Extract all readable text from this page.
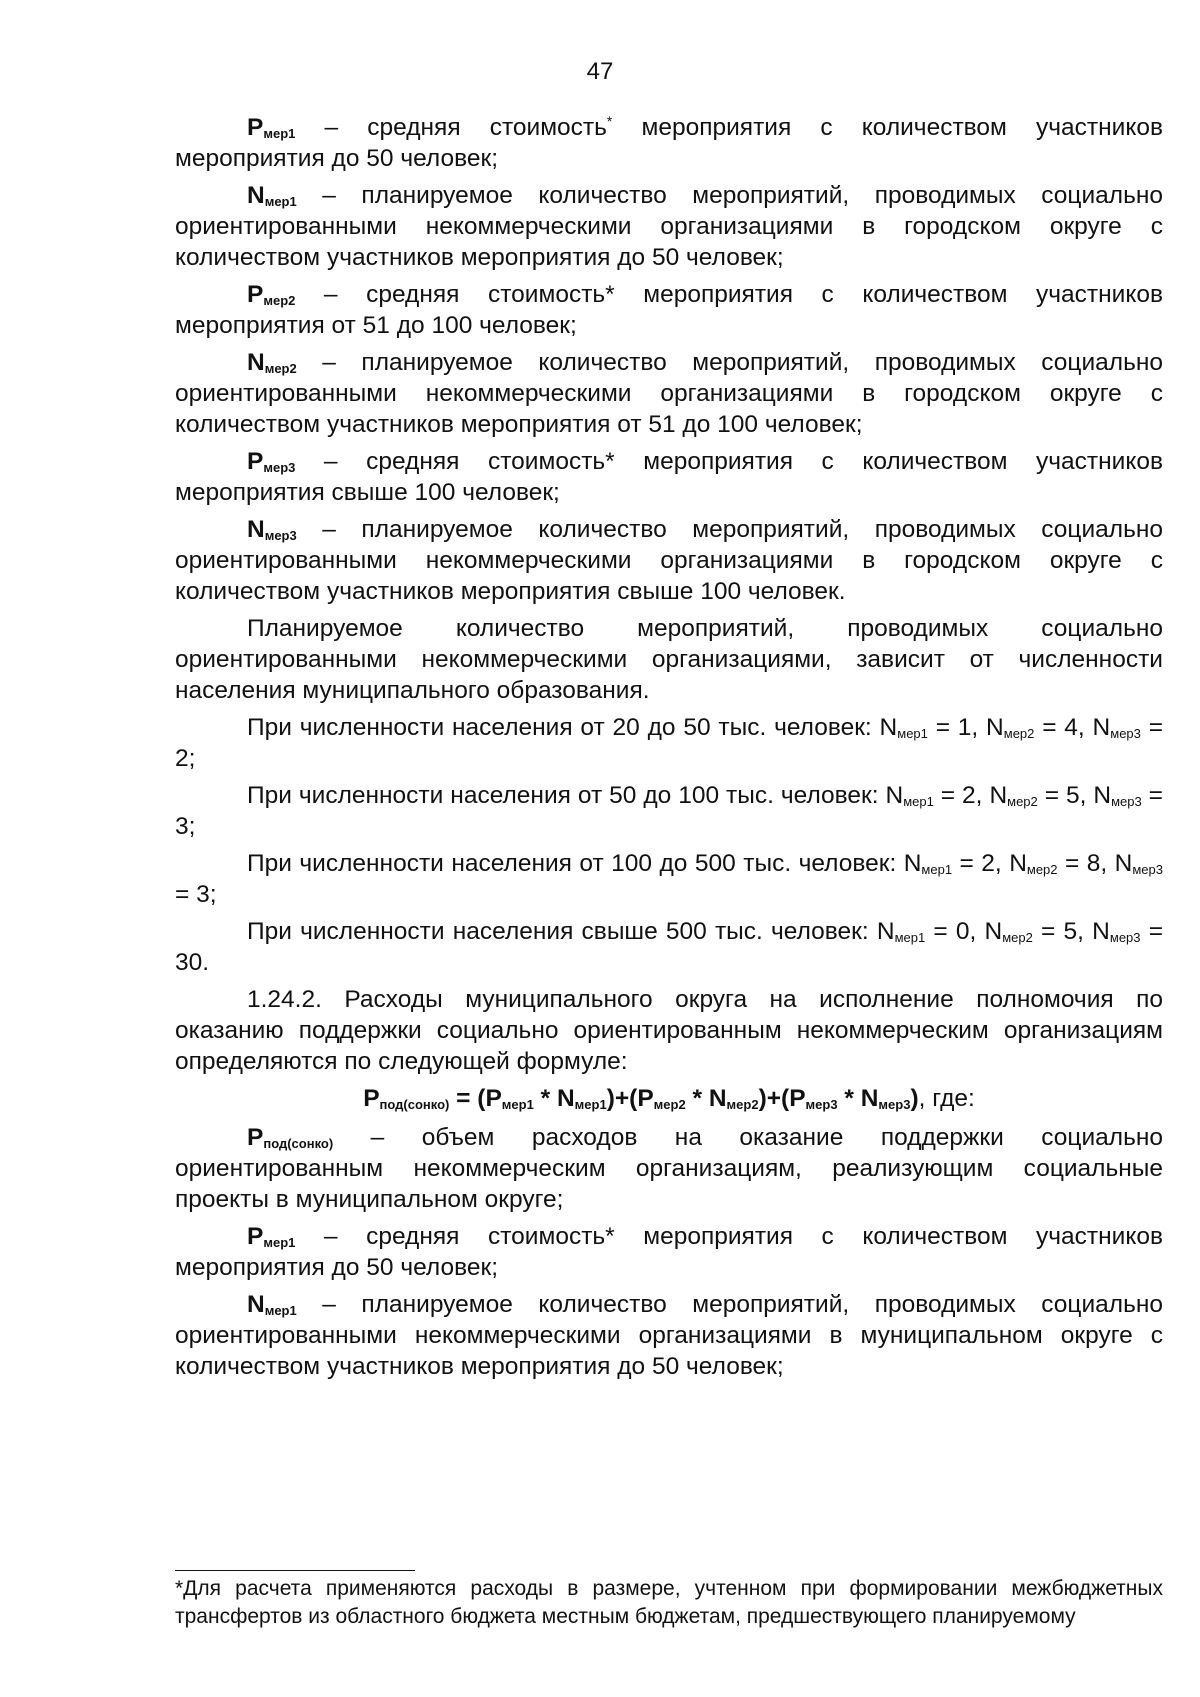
47

$P_{мер1}$ – средняя стоимость* мероприятия с количеством участников мероприятия до 50 человек;

$N_{мер1}$ – планируемое количество мероприятий, проводимых социально ориентированными некоммерческими организациями в городском округе с количеством участников мероприятия до 50 человек;

$P_{мер2}$ – средняя стоимость* мероприятия с количеством участников мероприятия от 51 до 100 человек;

$N_{мер2}$ – планируемое количество мероприятий, проводимых социально ориентированными некоммерческими организациями в городском округе с количеством участников мероприятия от 51 до 100 человек;

$P_{мер3}$ – средняя стоимость* мероприятия с количеством участников мероприятия свыше 100 человек;

$N_{мер3}$ – планируемое количество мероприятий, проводимых социально ориентированными некоммерческими организациями в городском округе с количеством участников мероприятия свыше 100 человек.

Планируемое количество мероприятий, проводимых социально ориентированными некоммерческими организациями, зависит от численности населения муниципального образования.

При численности населения от 20 до 50 тыс. человек: $N_{мер1} = 1$, $N_{мер2} = 4$, $N_{мер3} = 2$;

При численности населения от 50 до 100 тыс. человек: $N_{мер1} = 2$, $N_{мер2} = 5$, $N_{мер3} = 3$;

При численности населения от 100 до 500 тыс. человек: $N_{мер1} = 2$, $N_{мер2} = 8$, $N_{мер3} = 3$;

При численности населения свыше 500 тыс. человек: $N_{мер1} = 0$, $N_{мер2} = 5$, $N_{мер3} = 30$.

1.24.2. Расходы муниципального округа на исполнение полномочия по оказанию поддержки социально ориентированным некоммерческим организациям определяются по следующей формуле:

$P_{под(сонко)} = (P_{мер1} * N_{мер1})+(P_{мер2} * N_{мер2})+(P_{мер3} * N_{мер3})$, где:

$P_{под(сонко)}$ – объем расходов на оказание поддержки социально ориентированным некоммерческим организациям, реализующим социальные проекты в муниципальном округе;

$P_{мер1}$ – средняя стоимость* мероприятия с количеством участников мероприятия до 50 человек;

$N_{мер1}$ – планируемое количество мероприятий, проводимых социально ориентированными некоммерческими организациями в муниципальном округе с количеством участников мероприятия до 50 человек;

*Для расчета применяются расходы в размере, учтенном при формировании межбюджетных трансфертов из областного бюджета местным бюджетам, предшествующего планируемому
